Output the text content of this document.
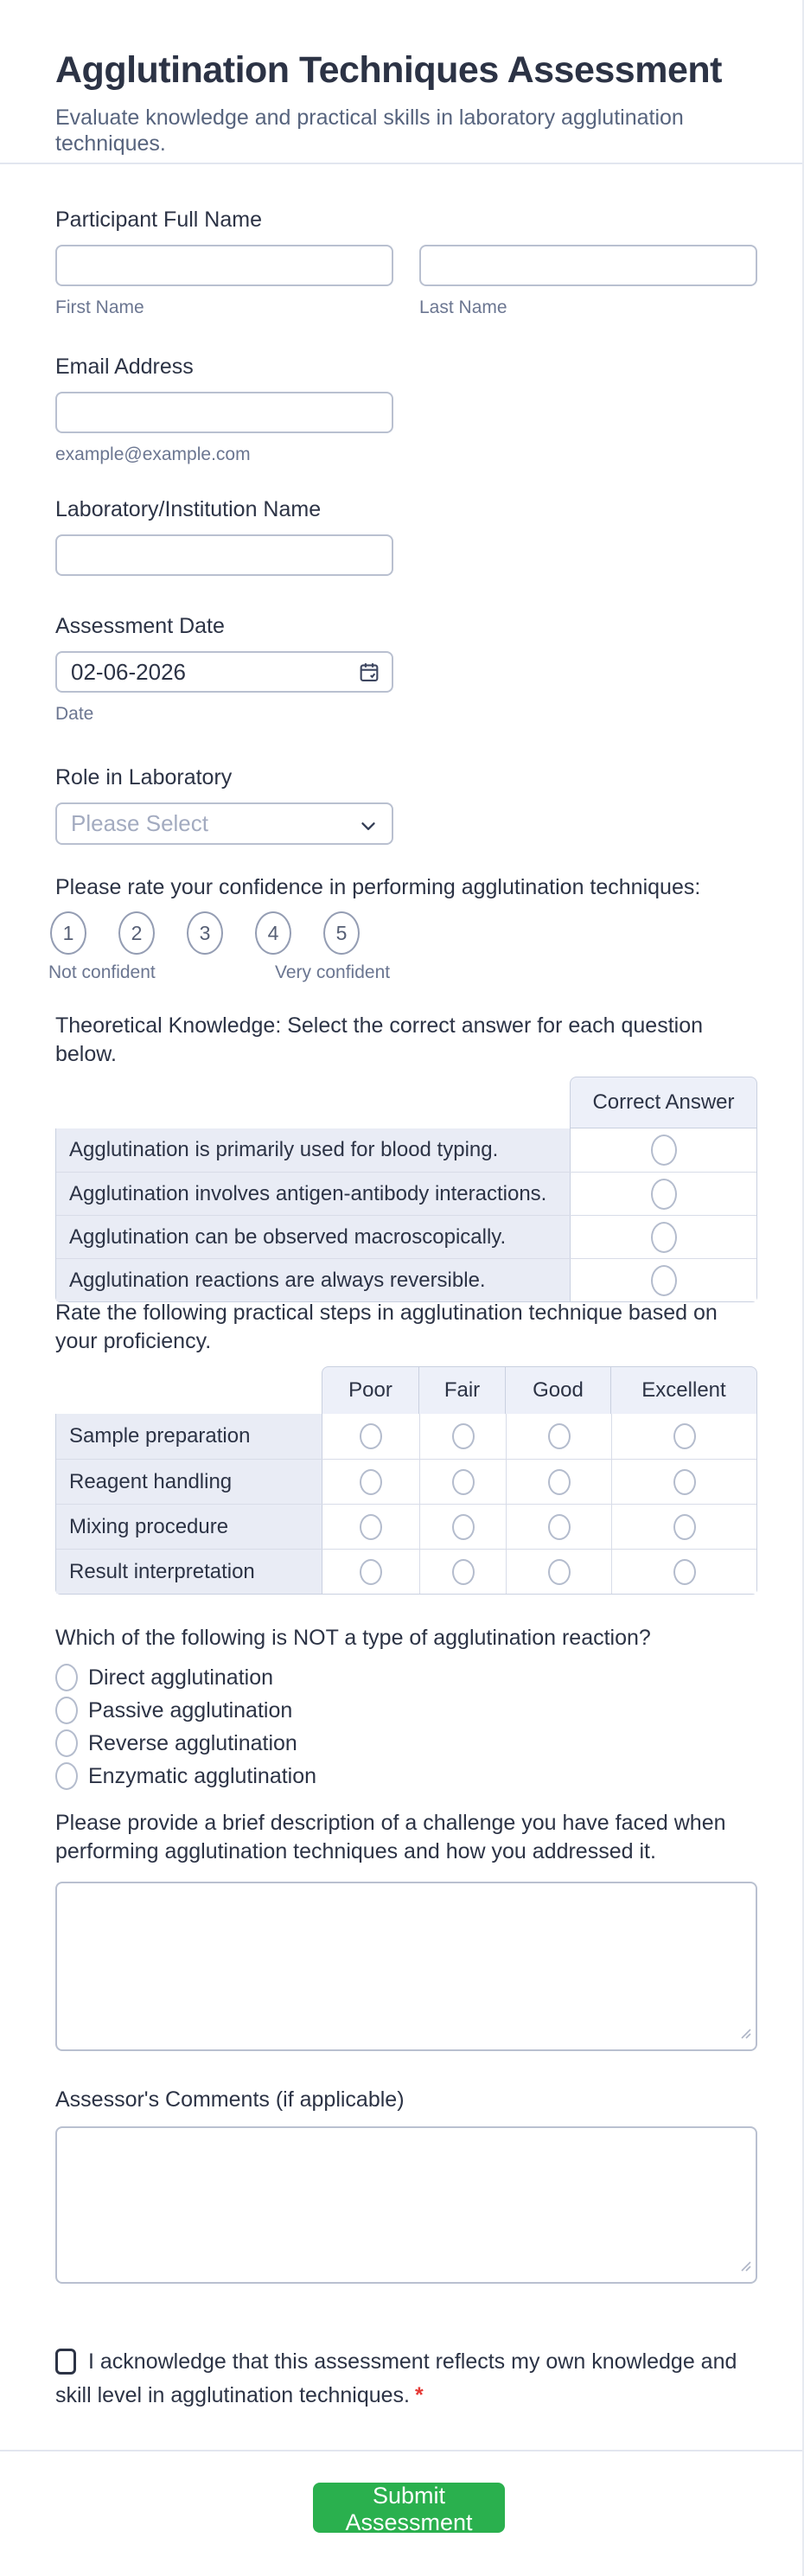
Agglutination Techniques Assessment
Evaluate knowledge and practical skills in laboratory agglutination techniques.
Participant Full Name
First Name	Last Name
Email Address
example@example.com
Laboratory/Institution Name
Assessment Date
02-06-2026
Date
Role in Laboratory
Please Select
Please rate your confidence in performing agglutination techniques:
1	2	3	4	5
Not confident	Very confident
Theoretical Knowledge: Select the correct answer for each question below.
Correct Answer
Agglutination is primarily used for blood typing.
Agglutination involves antigen-antibody interactions.
Agglutination can be observed macroscopically.
Agglutination reactions are always reversible.
Rate the following practical steps in agglutination technique based on your proficiency.
Poor	Fair	Good	Excellent
Sample preparation
Reagent handling
Mixing procedure
Result interpretation
Which of the following is NOT a type of agglutination reaction?
Direct agglutination
Passive agglutination
Reverse agglutination
Enzymatic agglutination
Please provide a brief description of a challenge you have faced when performing agglutination techniques and how you addressed it.
Assessor's Comments (if applicable)
I acknowledge that this assessment reflects my own knowledge and skill level in agglutination techniques. *
Submit Assessment
